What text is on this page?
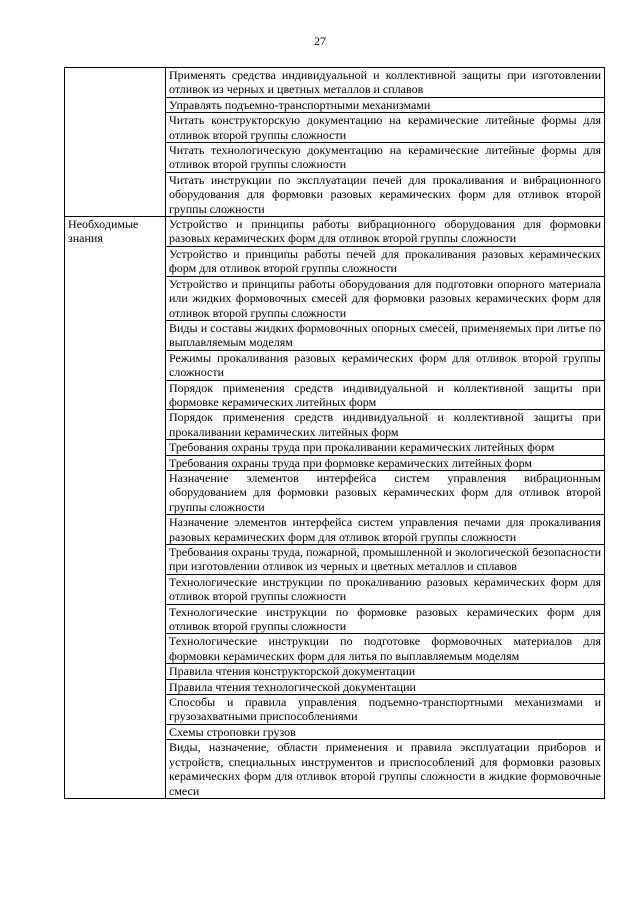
27
	Применять средства индивидуальной и коллективной защиты при изготовлении отливок из черных и цветных металлов и сплавов
	Управлять подъемно-транспортными механизмами
	Читать конструкторскую документацию на керамические литейные формы для отливок второй группы сложности
	Читать технологическую документацию на керамические литейные формы для отливок второй группы сложности
	Читать инструкции по эксплуатации печей для прокаливания и вибрационного оборудования для формовки разовых керамических форм для отливок второй группы сложности
Необходимые знания	Устройство и принципы работы вибрационного оборудования для формовки разовых керамических форм для отливок второй группы сложности
	Устройство и принципы работы печей для прокаливания разовых керамических форм для отливок второй группы сложности
	Устройство и принципы работы оборудования для подготовки опорного материала или жидких формовочных смесей для формовки разовых керамических форм для отливок второй группы сложности
	Виды и составы жидких формовочных опорных смесей, применяемых при литье по выплавляемым моделям
	Режимы прокаливания разовых керамических форм для отливок второй группы сложности
	Порядок применения средств индивидуальной и коллективной защиты при формовке керамических литейных форм
	Порядок применения средств индивидуальной и коллективной защиты при прокаливании керамических литейных форм
	Требования охраны труда при прокаливании керамических литейных форм
	Требования охраны труда при формовке керамических литейных форм
	Назначение элементов интерфейса систем управления вибрационным оборудованием для формовки разовых керамических форм для отливок второй группы сложности
	Назначение элементов интерфейса систем управления печами для прокаливания разовых керамических форм для отливок второй группы сложности
	Требования охраны труда, пожарной, промышленной и экологической безопасности при изготовлении отливок из черных и цветных металлов и сплавов
	Технологические инструкции по прокаливанию разовых керамических форм для отливок второй группы сложности
	Технологические инструкции по формовке разовых керамических форм для отливок второй группы сложности
	Технологические инструкции по подготовке формовочных материалов для формовки керамических форм для литья по выплавляемым моделям
	Правила чтения конструкторской документации
	Правила чтения технологической документации
	Способы и правила управления подъемно-транспортными механизмами и грузозахватными приспособлениями
	Схемы строповки грузов
	Виды, назначение, области применения и правила эксплуатации приборов и устройств, специальных инструментов и приспособлений для формовки разовых керамических форм для отливок второй группы сложности в жидкие формовочные смеси
